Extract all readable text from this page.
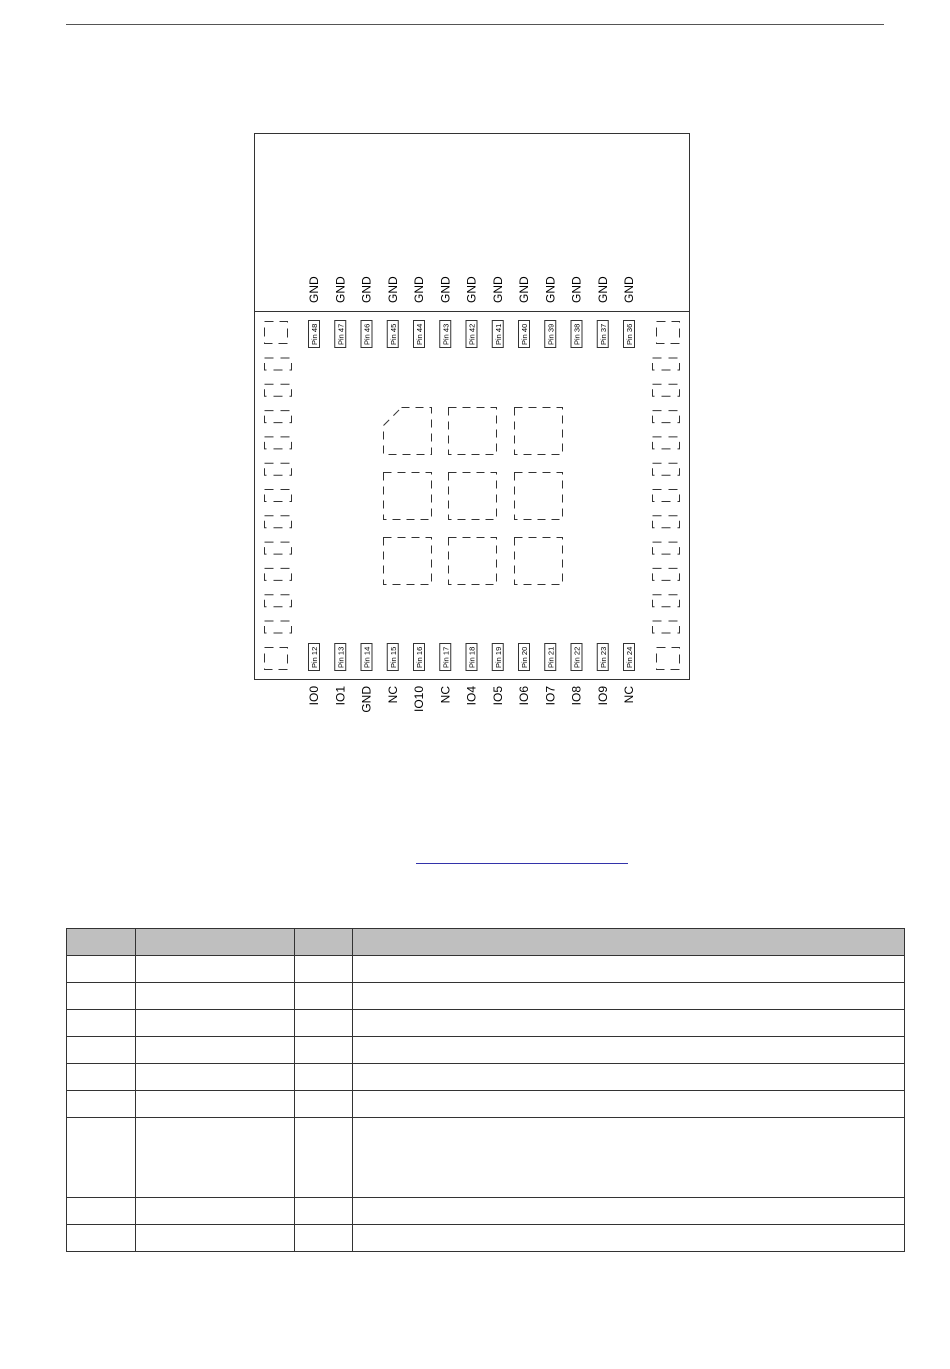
GND GND GND GND GND GND GND GND GND GND GND GND GND
Pin 48 Pin 47 Pin 46 Pin 45 Pin 44 Pin 43 Pin 42 Pin 41 Pin 40 Pin 39 Pin 38 Pin 37 Pin 36
Pin 12 Pin 13 Pin 14 Pin 15 Pin 16 Pin 17 Pin 18 Pin 19 Pin 20 Pin 21 Pin 22 Pin 23 Pin 24
IO0 IO1 GND NC IO10 NC IO4 IO5 IO6 IO7 IO8 IO9 NC
